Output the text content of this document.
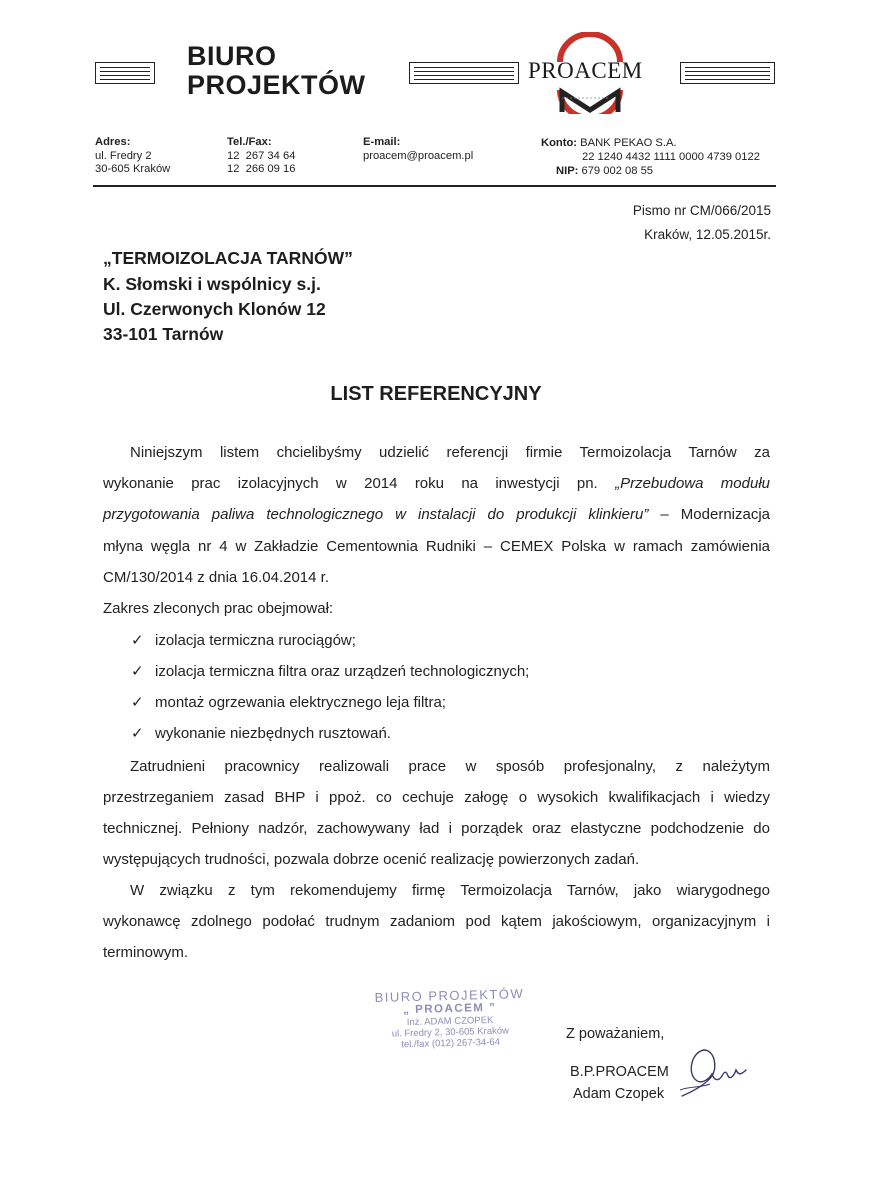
BIURO
PROJEKTÓW	PROACEM
Adres:
ul. Fredry 2
30-605 Kraków
Tel./Fax:
12  267 34 64
12  266 09 16
E-mail:
proacem@proacem.pl
Konto: BANK PEKAO S.A.
22 1240 4432 1111 0000 4739 0122
NIP: 679 002 08 55
Pismo nr CM/066/2015
Kraków, 12.05.2015r.
„TERMOIZOLACJA TARNÓW”
K. Słomski i wspólnicy s.j.
Ul. Czerwonych Klonów 12
33-101 Tarnów
LIST REFERENCYJNY
Niniejszym listem chcielibyśmy udzielić referencji firmie Termoizolacja Tarnów za
wykonanie prac izolacyjnych w 2014 roku na inwestycji pn. „Przebudowa modułu
przygotowania paliwa technologicznego w instalacji do produkcji klinkieru” – Modernizacja
młyna węgla nr 4 w Zakładzie Cementownia Rudniki – CEMEX Polska w ramach zamówienia
CM/130/2014 z dnia 16.04.2014 r.
Zakres zleconych prac obejmował:
✓ izolacja termiczna rurociągów;
✓ izolacja termiczna filtra oraz urządzeń technologicznych;
✓ montaż ogrzewania elektrycznego leja filtra;
✓ wykonanie niezbędnych rusztowań.
Zatrudnieni pracownicy realizowali prace w sposób profesjonalny, z należytym
przestrzeganiem zasad BHP i ppoż. co cechuje załogę o wysokich kwalifikacjach i wiedzy
technicznej. Pełniony nadzór, zachowywany ład i porządek oraz elastyczne podchodzenie do
występujących trudności, pozwala dobrze ocenić realizację powierzonych zadań.
W związku z tym rekomendujemy firmę Termoizolacja Tarnów, jako wiarygodnego
wykonawcę zdolnego podołać trudnym zadaniom pod kątem jakościowym, organizacyjnym i
terminowym.
BIURO PROJEKTÓW
„ PROACEM ”
Inż. ADAM CZOPEK
ul. Fredry 2, 30-605 Kraków
tel./fax (012) 267-34-64
Z poważaniem,
B.P.PROACEM
Adam Czopek
